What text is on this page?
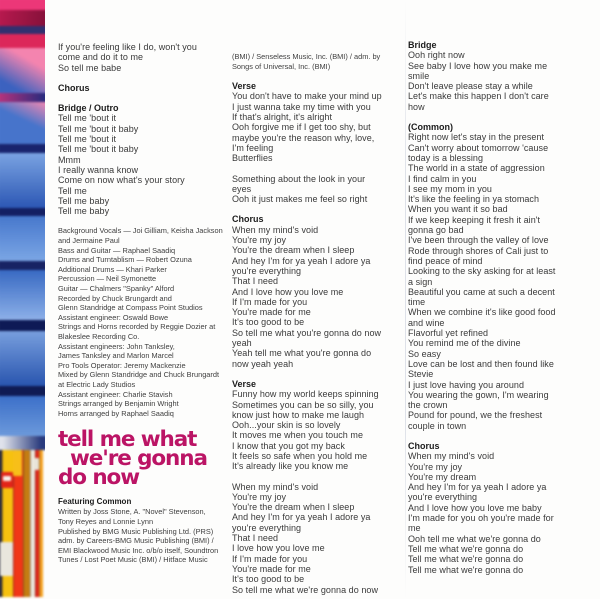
If you're feeling like I do, won't you
come and do it to me
So tell me babe
Chorus
Bridge / Outro
Tell me 'bout it
Tell me 'bout it baby
Tell me 'bout it
Tell me 'bout it baby
Mmm
I really wanna know
Come on now what's your story
Tell me
Tell me baby
Tell me baby
Background Vocals — Joi Gilliam, Keisha Jackson
and Jermaine Paul
Bass and Guitar — Raphael Saadiq
Drums and Turntablism — Robert Ozuna
Additional Drums — Khari Parker
Percussion — Neil Symonette
Guitar — Chalmers "Spanky" Alford
Recorded by Chuck Brungardt and
Glenn Standridge at Compass Point Studios
Assistant engineer: Oswald Bowe
Strings and Horns recorded by Reggie Dozier at
Blakeslee Recording Co.
Assistant engineers: John Tanksley,
James Tanksley and Marlon Marcel
Pro Tools Operator: Jeremy Mackenzie
Mixed by Glenn Standridge and Chuck Brungardt
at Electric Lady Studios
Assistant engineer: Charlie Stavish
Strings arranged by Benjamin Wright
Horns arranged by Raphael Saadiq
tell me what
we're gonna
do now
Featuring Common
Written by Joss Stone, A. "Novel" Stevenson,
Tony Reyes and Lonnie Lynn
Published by BMG Music Publishing Ltd. (PRS)
adm. by Careers-BMG Music Publishing (BMI) /
EMI Blackwood Music Inc. o/b/o itself, Soundtron
Tunes / Lost Poet Music (BMI) / Hitface Music
(BMI) / Senseless Music, Inc. (BMI) / adm. by
Songs of Universal, Inc. (BMI)
Verse
You don't have to make your mind up
I just wanna take my time with you
If that's alright, it's alright
Ooh forgive me if I get too shy, but
maybe you're the reason why, love,
I'm feeling
Butterflies
Something about the look in your
eyes
Ooh it just makes me feel so right
Chorus
When my mind's void
You're my joy
You're the dream when I sleep
And hey I'm for ya yeah I adore ya
you're everything
That I need
And I love how you love me
If I'm made for you
You're made for me
It's too good to be
So tell me what you're gonna do now
yeah
Yeah tell me what you're gonna do
now yeah yeah
Verse
Funny how my world keeps spinning
Sometimes you can be so silly, you
know just how to make me laugh
Ooh...your skin is so lovely
It moves me when you touch me
I know that you got my back
It feels so safe when you hold me
It's already like you know me
When my mind's void
You're my joy
You're the dream when I sleep
And hey I'm for ya yeah I adore ya
you're everything
That I need
I love how you love me
If I'm made for you
You're made for me
It's too good to be
So tell me what we're gonna do now
Bridge
Ooh right now
See baby I love how you make me
smile
Don't leave please stay a while
Let's make this happen I don't care
how
(Common)
Right now let's stay in the present
Can't worry about tomorrow 'cause
today is a blessing
The world in a state of aggression
I find calm in you
I see my mom in you
It's like the feeling in ya stomach
When you want it so bad
If we keep keeping it fresh it ain't
gonna go bad
I've been through the valley of love
Rode through shores of Cali just to
find peace of mind
Looking to the sky asking for at least
a sign
Beautiful you came at such a decent
time
When we combine it's like good food
and wine
Flavorful yet refined
You remind me of the divine
So easy
Love can be lost and then found like
Stevie
I just love having you around
You wearing the gown, I'm wearing
the crown
Pound for pound, we the freshest
couple in town
Chorus
When my mind's void
You're my joy
You're my dream
And hey I'm for ya yeah I adore ya
you're everything
And I love how you love me baby
I'm made for you oh you're made for
me
Ooh tell me what we're gonna do
Tell me what we're gonna do
Tell me what we're gonna do
Tell me what we're gonna do
